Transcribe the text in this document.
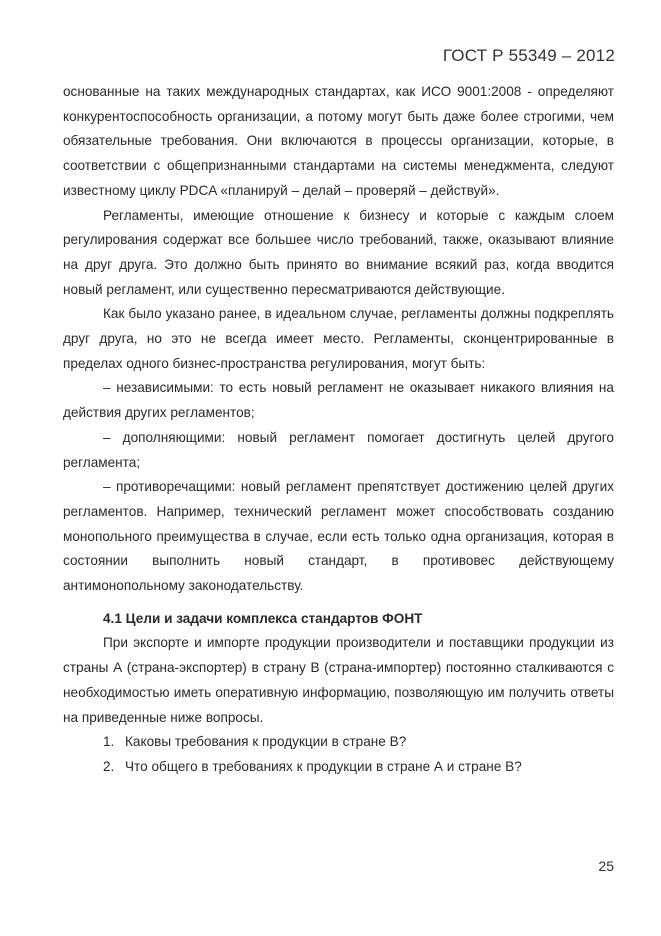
ГОСТ Р 55349 – 2012

основанные на таких международных стандартах, как ИСО 9001:2008 - определяют конкурентоспособность организации, а потому могут быть даже более строгими, чем обязательные требования. Они включаются в процессы организации, которые, в соответствии с общепризнанными стандартами на системы менеджмента, следуют известному циклу PDCA «планируй – делай – проверяй – действуй».

Регламенты, имеющие отношение к бизнесу и которые с каждым слоем регулирования содержат все большее число требований, также, оказывают влияние на друг друга. Это должно быть принято во внимание всякий раз, когда вводится новый регламент, или существенно пересматриваются действующие.

Как было указано ранее, в идеальном случае, регламенты должны подкреплять друг друга, но это не всегда имеет место. Регламенты, сконцентрированные в пределах одного бизнес-пространства регулирования, могут быть:

– независимыми: то есть новый регламент не оказывает никакого влияния на действия других регламентов;

– дополняющими: новый регламент помогает достигнуть целей другого регламента;

– противоречащими: новый регламент препятствует достижению целей других регламентов. Например, технический регламент может способствовать созданию монопольного преимущества в случае, если есть только одна организация, которая в состоянии выполнить новый стандарт, в противовес действующему антимонопольному законодательству.

4.1 Цели и задачи комплекса стандартов ФОНТ

При экспорте и импорте продукции производители и поставщики продукции из страны А (страна-экспортер) в страну В (страна-импортер) постоянно сталкиваются с необходимостью иметь оперативную информацию, позволяющую им получить ответы на приведенные ниже вопросы.

1. Каковы требования к продукции в стране В?

2. Что общего в требованиях к продукции в стране А и стране В?

25
